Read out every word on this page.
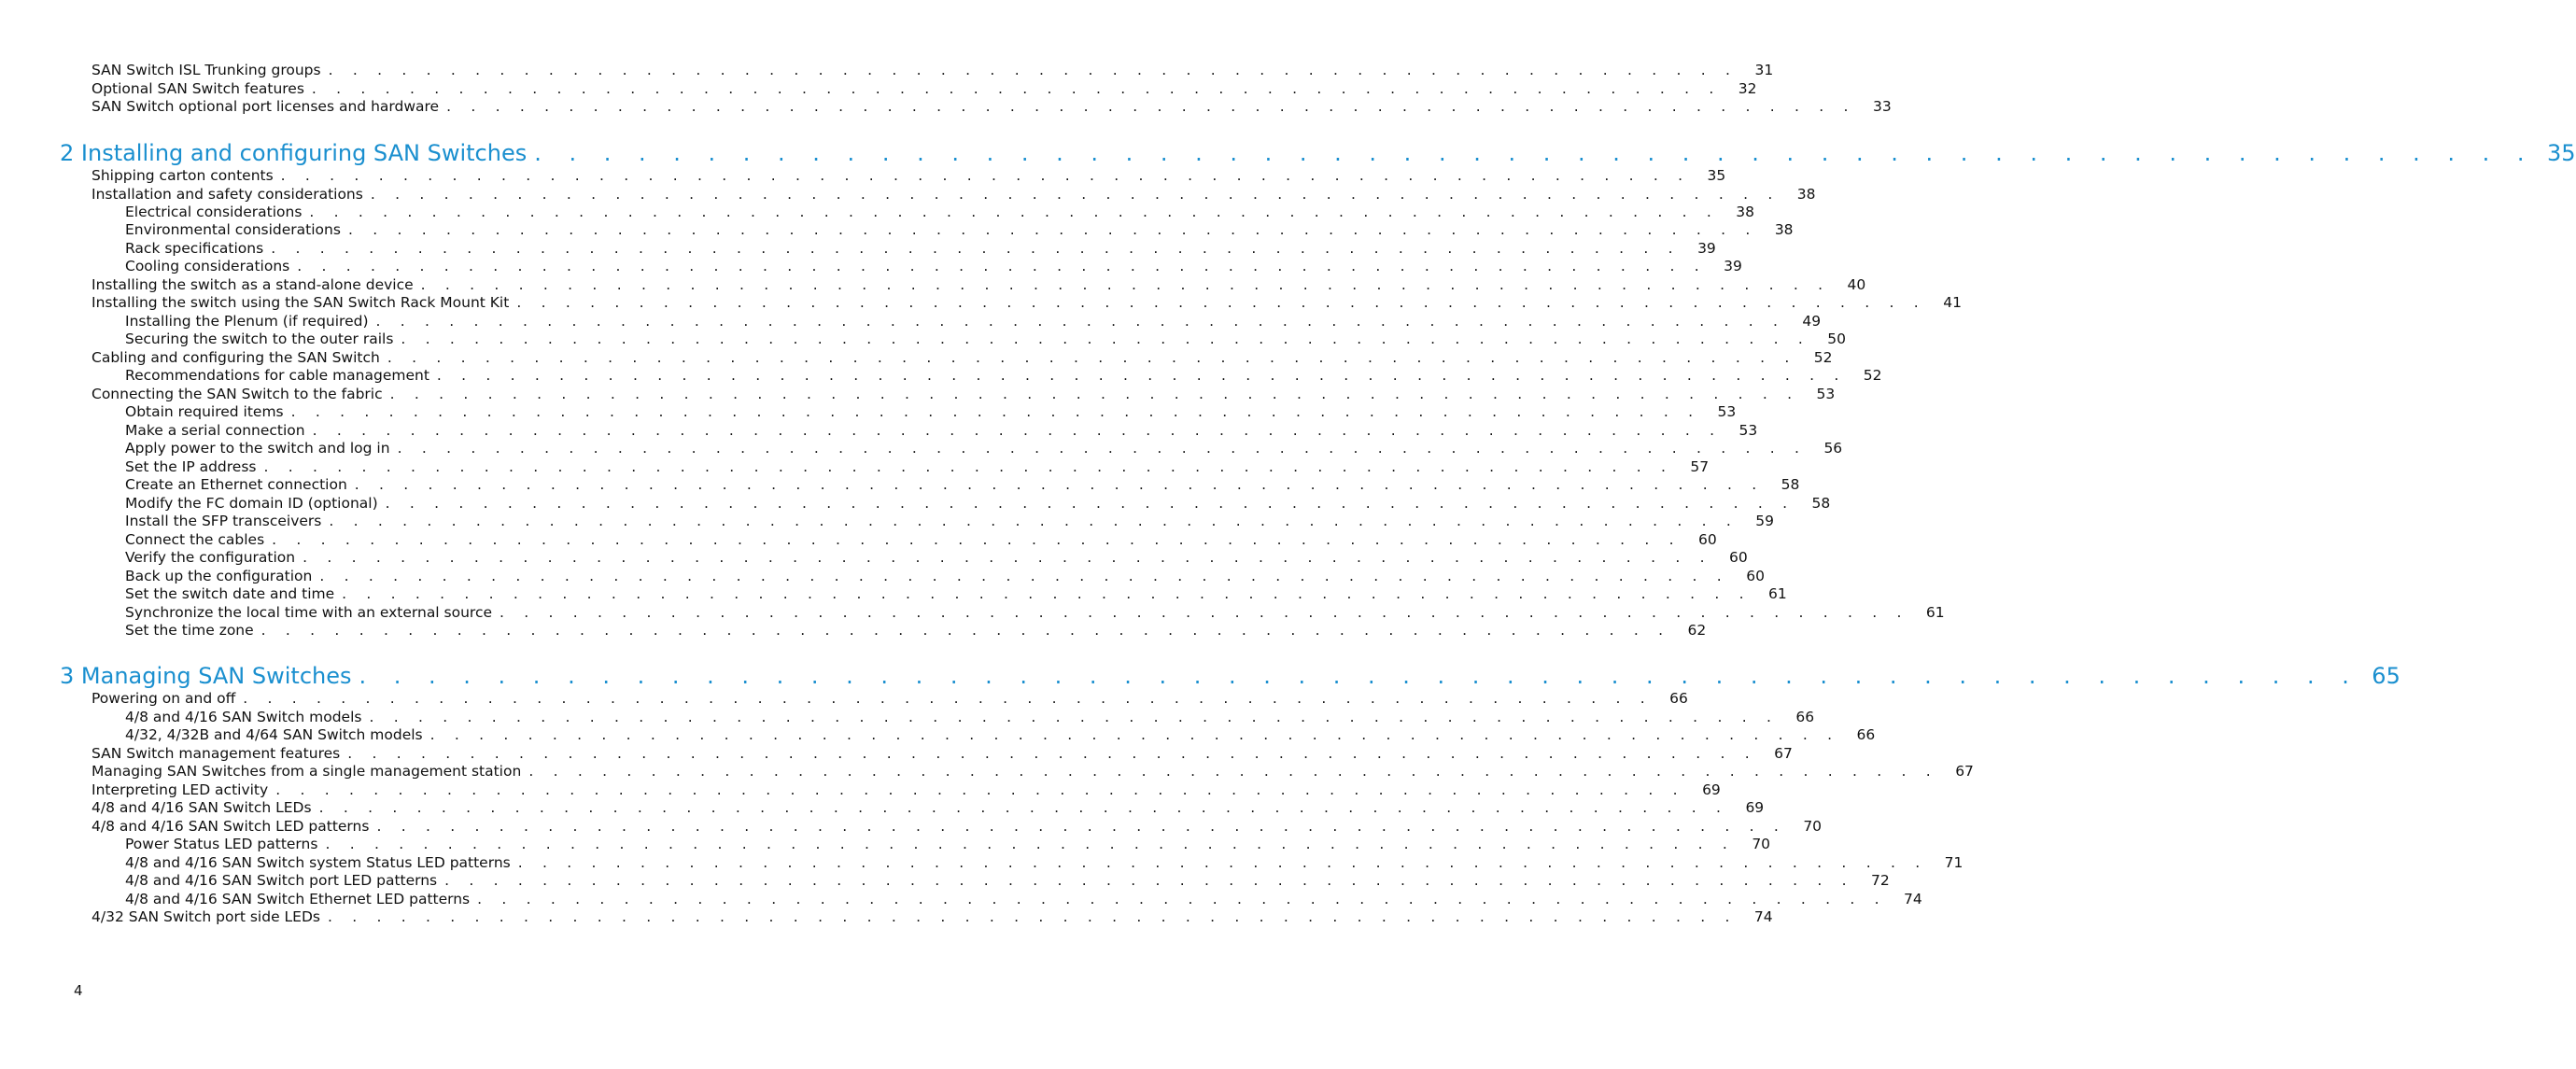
SAN Switch ISL Trunking groups . . . . . . . . . . . . . . . . . . . . . . . . . . . . . . . . . . . . . . . . . . . . . . . . . . . . . . . . . .	31
Optional SAN Switch features . . . . . . . . . . . . . . . . . . . . . . . . . . . . . . . . . . . . . . . . . . . . . . . . . . . . . . . . . .	32
SAN Switch optional port licenses and hardware . . . . . . . . . . . . . . . . . . . . . . . . . . . . . . . . . . . . . . . . . . . . . . . . . . . . . . . . . .	33
2 Installing and configuring SAN Switches . . . . . . . . . . . . . . . . . . . . . . . . . . . . . . . . . . . . . . . . . . . . . . . . . . . . . . . . . . 35
Shipping carton contents . . . . . . . . . . . . . . . . . . . . . . . . . . . . . . . . . . . . . . . . . . . . . . . . . . . . . . . . . .	35
Installation and safety considerations . . . . . . . . . . . . . . . . . . . . . . . . . . . . . . . . . . . . . . . . . . . . . . . . . . . . . . . . . .	38
Electrical considerations . . . . . . . . . . . . . . . . . . . . . . . . . . . . . . . . . . . . . . . . . . . . . . . . . . . . . . . . . .	38
Environmental considerations . . . . . . . . . . . . . . . . . . . . . . . . . . . . . . . . . . . . . . . . . . . . . . . . . . . . . . . . . .	38
Rack specifications . . . . . . . . . . . . . . . . . . . . . . . . . . . . . . . . . . . . . . . . . . . . . . . . . . . . . . . . . .	39
Cooling considerations . . . . . . . . . . . . . . . . . . . . . . . . . . . . . . . . . . . . . . . . . . . . . . . . . . . . . . . . . .	39
Installing the switch as a stand-alone device . . . . . . . . . . . . . . . . . . . . . . . . . . . . . . . . . . . . . . . . . . . . . . . . . . . . . . . . . .	40
Installing the switch using the SAN Switch Rack Mount Kit . . . . . . . . . . . . . . . . . . . . . . . . . . . . . . . . . . . . . . . . . . . . . . . . . . . . . . . . . .	41
Installing the Plenum (if required) . . . . . . . . . . . . . . . . . . . . . . . . . . . . . . . . . . . . . . . . . . . . . . . . . . . . . . . . . .	49
Securing the switch to the outer rails . . . . . . . . . . . . . . . . . . . . . . . . . . . . . . . . . . . . . . . . . . . . . . . . . . . . . . . . . .	50
Cabling and configuring the SAN Switch . . . . . . . . . . . . . . . . . . . . . . . . . . . . . . . . . . . . . . . . . . . . . . . . . . . . . . . . . .	52
Recommendations for cable management . . . . . . . . . . . . . . . . . . . . . . . . . . . . . . . . . . . . . . . . . . . . . . . . . . . . . . . . . .	52
Connecting the SAN Switch to the fabric . . . . . . . . . . . . . . . . . . . . . . . . . . . . . . . . . . . . . . . . . . . . . . . . . . . . . . . . . .	53
Obtain required items . . . . . . . . . . . . . . . . . . . . . . . . . . . . . . . . . . . . . . . . . . . . . . . . . . . . . . . . . .	53
Make a serial connection . . . . . . . . . . . . . . . . . . . . . . . . . . . . . . . . . . . . . . . . . . . . . . . . . . . . . . . . . .	53
Apply power to the switch and log in . . . . . . . . . . . . . . . . . . . . . . . . . . . . . . . . . . . . . . . . . . . . . . . . . . . . . . . . . .	56
Set the IP address . . . . . . . . . . . . . . . . . . . . . . . . . . . . . . . . . . . . . . . . . . . . . . . . . . . . . . . . . .	57
Create an Ethernet connection . . . . . . . . . . . . . . . . . . . . . . . . . . . . . . . . . . . . . . . . . . . . . . . . . . . . . . . . . .	58
Modify the FC domain ID (optional) . . . . . . . . . . . . . . . . . . . . . . . . . . . . . . . . . . . . . . . . . . . . . . . . . . . . . . . . . .	58
Install the SFP transceivers . . . . . . . . . . . . . . . . . . . . . . . . . . . . . . . . . . . . . . . . . . . . . . . . . . . . . . . . . .	59
Connect the cables . . . . . . . . . . . . . . . . . . . . . . . . . . . . . . . . . . . . . . . . . . . . . . . . . . . . . . . . . .	60
Verify the configuration . . . . . . . . . . . . . . . . . . . . . . . . . . . . . . . . . . . . . . . . . . . . . . . . . . . . . . . . . .	60
Back up the configuration . . . . . . . . . . . . . . . . . . . . . . . . . . . . . . . . . . . . . . . . . . . . . . . . . . . . . . . . . .	60
Set the switch date and time . . . . . . . . . . . . . . . . . . . . . . . . . . . . . . . . . . . . . . . . . . . . . . . . . . . . . . . . . .	61
Synchronize the local time with an external source . . . . . . . . . . . . . . . . . . . . . . . . . . . . . . . . . . . . . . . . . . . . . . . . . . . . . . . . . .	61
Set the time zone . . . . . . . . . . . . . . . . . . . . . . . . . . . . . . . . . . . . . . . . . . . . . . . . . . . . . . . . . .	62
3 Managing SAN Switches . . . . . . . . . . . . . . . . . . . . . . . . . . . . . . . . . . . . . . . . . . . . . . . . . . . . . . . . . . 65
Powering on and off . . . . . . . . . . . . . . . . . . . . . . . . . . . . . . . . . . . . . . . . . . . . . . . . . . . . . . . . . .	66
4/8 and 4/16 SAN Switch models . . . . . . . . . . . . . . . . . . . . . . . . . . . . . . . . . . . . . . . . . . . . . . . . . . . . . . . . . .	66
4/32, 4/32B and 4/64 SAN Switch models . . . . . . . . . . . . . . . . . . . . . . . . . . . . . . . . . . . . . . . . . . . . . . . . . . . . . . . . . .	66
SAN Switch management features . . . . . . . . . . . . . . . . . . . . . . . . . . . . . . . . . . . . . . . . . . . . . . . . . . . . . . . . . .	67
Managing SAN Switches from a single management station . . . . . . . . . . . . . . . . . . . . . . . . . . . . . . . . . . . . . . . . . . . . . . . . . . . . . . . . . .	67
Interpreting LED activity . . . . . . . . . . . . . . . . . . . . . . . . . . . . . . . . . . . . . . . . . . . . . . . . . . . . . . . . . .	69
4/8 and 4/16 SAN Switch LEDs . . . . . . . . . . . . . . . . . . . . . . . . . . . . . . . . . . . . . . . . . . . . . . . . . . . . . . . . . .	69
4/8 and 4/16 SAN Switch LED patterns . . . . . . . . . . . . . . . . . . . . . . . . . . . . . . . . . . . . . . . . . . . . . . . . . . . . . . . . . .	70
Power Status LED patterns . . . . . . . . . . . . . . . . . . . . . . . . . . . . . . . . . . . . . . . . . . . . . . . . . . . . . . . . . .	70
4/8 and 4/16 SAN Switch system Status LED patterns . . . . . . . . . . . . . . . . . . . . . . . . . . . . . . . . . . . . . . . . . . . . . . . . . . . . . . . . . .	71
4/8 and 4/16 SAN Switch port LED patterns . . . . . . . . . . . . . . . . . . . . . . . . . . . . . . . . . . . . . . . . . . . . . . . . . . . . . . . . . .	72
4/8 and 4/16 SAN Switch Ethernet LED patterns . . . . . . . . . . . . . . . . . . . . . . . . . . . . . . . . . . . . . . . . . . . . . . . . . . . . . . . . . .	74
4/32 SAN Switch port side LEDs . . . . . . . . . . . . . . . . . . . . . . . . . . . . . . . . . . . . . . . . . . . . . . . . . . . . . . . . . .	74
4
